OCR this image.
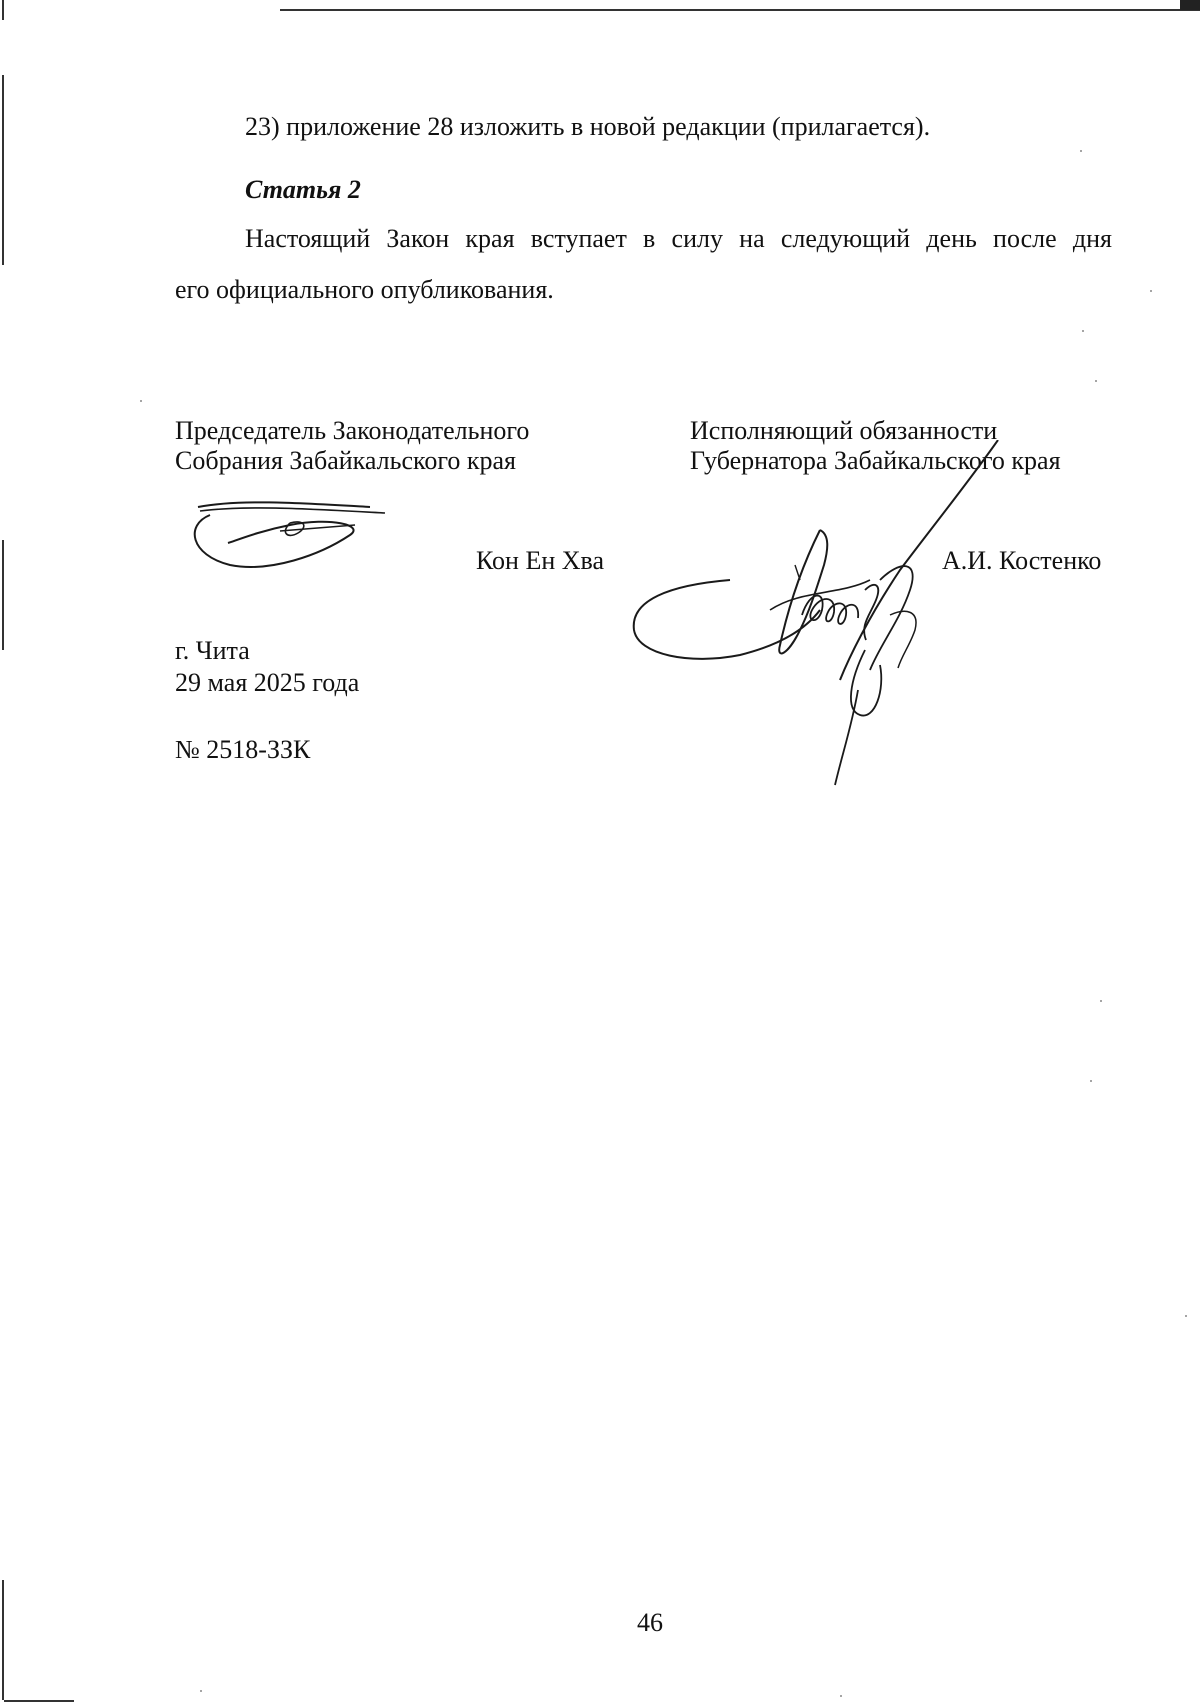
23) приложение 28 изложить в новой редакции (прилагается).
Статья 2
Настоящий Закон края вступает в силу на следующий день после дня
его официального опубликования.
Председатель Законодательного
Собрания Забайкальского края
Кон Ен Хва
Исполняющий обязанности
Губернатора Забайкальского края
А.И. Костенко
г. Чита
29 мая 2025 года
№ 2518-ЗЗК
46
